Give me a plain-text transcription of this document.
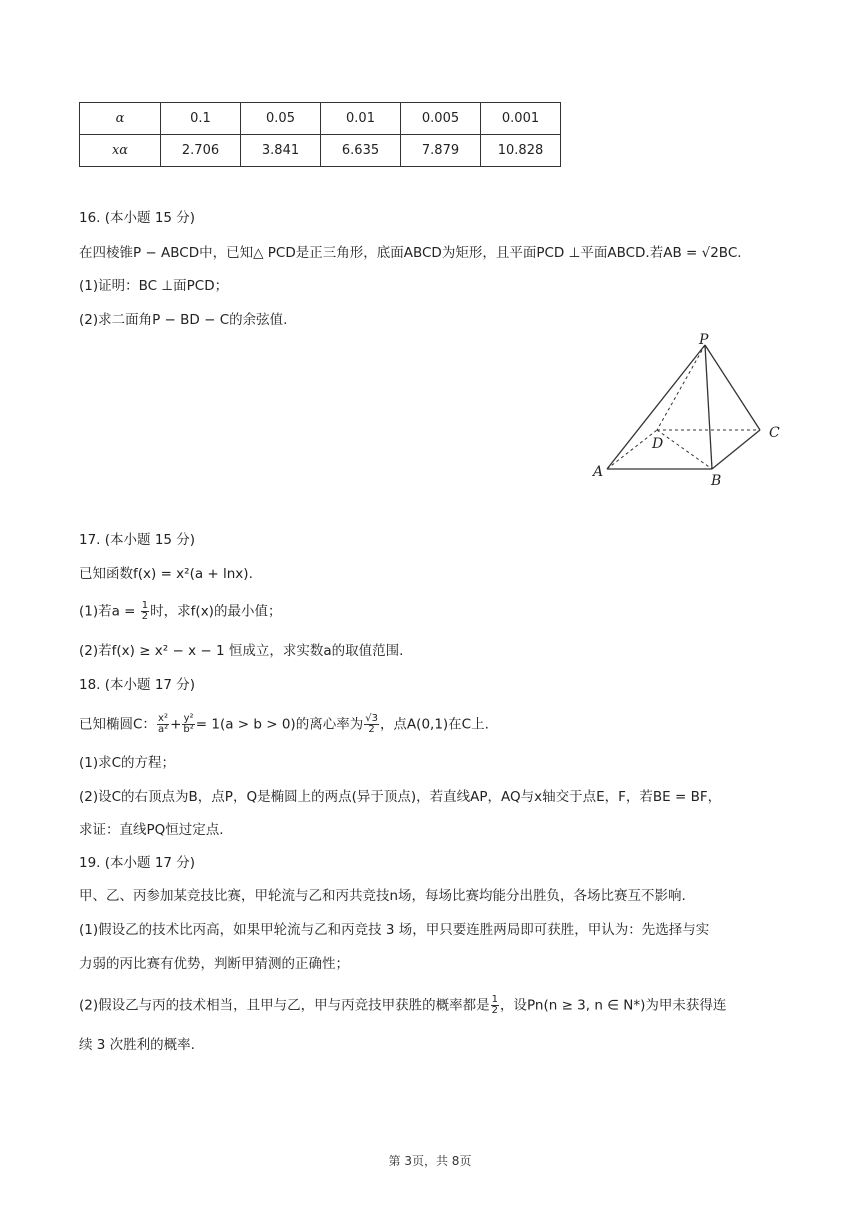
α	0.1	0.05	0.01	0.005	0.001
xα	2.706	3.841	6.635	7.879	10.828
16. (本小题 15 分)
在四棱锥P − ABCD中，已知△ PCD是正三角形，底面ABCD为矩形，且平面PCD ⊥平面ABCD.若AB = √2BC.
(1)证明：BC ⊥面PCD；
(2)求二面角P − BD − C的余弦值.
P
A
B
C
D
17. (本小题 15 分)
已知函数f(x) = x²(a + lnx).
(1)若$a = \frac{1}{2}$ 时，求f(x)的最小值；
(2)若f(x) ≥ x² − x − 1 恒成立，求实数a的取值范围.
18. (本小题 17 分)
已知椭圆C： $\frac{\text{x²}}{\text{a²}} + \frac{\text{y²}}{\text{b²}} = 1(a > b > 0)$的离心率为 $\frac{√3}{2}$ ，点A(0,1)在C上.
(1)求C的方程；
(2)设C的右顶点为B，点P，Q是椭圆上的两点(异于顶点)，若直线AP，AQ与x轴交于点E，F，若BE = BF，
求证：直线PQ恒过定点.
19. (本小题 17 分)
甲、乙、丙参加某竞技比赛，甲轮流与乙和丙共竞技n场，每场比赛均能分出胜负，各场比赛互不影响.
(1)假设乙的技术比丙高，如果甲轮流与乙和丙竞技 3 场，甲只要连胜两局即可获胜，甲认为：先选择与实
力弱的丙比赛有优势，判断甲猜测的正确性；
(2)假设乙与丙的技术相当，且甲与乙，甲与丙竞技甲获胜的概率都是 $\frac{1}{2}$ ，设Pn(n ≥ 3, n ∈ N*)为甲未获得连
续 3 次胜利的概率.
第 3页，共 8页
